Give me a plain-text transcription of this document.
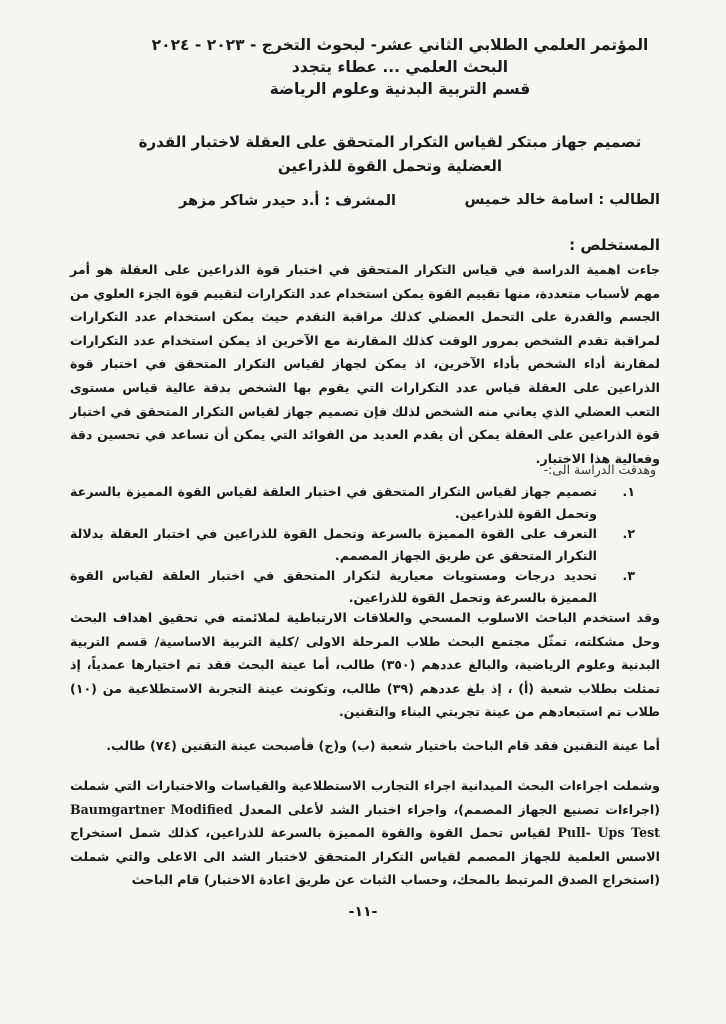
المؤتمر العلمي الطلابي الثاني عشر- لبحوث التخرج - ٢٠٢٣ - ٢٠٢٤
البحث العلمي ... عطاء يتجدد
قسم التربية البدنية وعلوم الرياضة
تصميم جهاز مبتكر لقياس التكرار المتحقق على العقلة لاختبار القدرة العضلية وتحمل القوة للذراعين
الطالب : اسامة خالد خميس
المشرف : أ.د حيدر شاكر مزهر
المستخلص :
جاءت اهمية الدراسة في قياس التكرار المتحقق في اختبار قوة الذراعين على العقلة هو أمر مهم لأسباب متعددة، منها تقييم القوة يمكن استخدام عدد التكرارات لتقييم قوة الجزء العلوي من الجسم والقدرة على التحمل العضلي كذلك مراقبة التقدم حيث يمكن استخدام عدد التكرارات لمراقبة تقدم الشخص بمرور الوقت كذلك المقارنة مع الآخرين اذ يمكن استخدام عدد التكرارات لمقارنة أداء الشخص بأداء الآخرين، اذ يمكن لجهاز لقياس التكرار المتحقق في اختبار قوة الذراعين على العقلة قياس عدد التكرارات التي يقوم بها الشخص بدقة عالية قياس مستوى التعب العضلي الذي يعاني منه الشخص لذلك فإن تصميم جهاز لقياس التكرار المتحقق في اختبار قوة الذراعين على العقلة يمكن أن يقدم العديد من الفوائد التي يمكن أن تساعد في تحسين دقة وفعالية هذا الاختبار.
وهدفت الدراسة الى:-
١.
تصميم جهاز لقياس التكرار المتحقق في اختبار العلقة لقياس القوة المميزة بالسرعة وتحمل القوة للذراعين.
٢.
التعرف على القوة المميزة بالسرعة وتحمل القوة للذراعين في اختبار العقلة بدلالة التكرار المتحقق عن طريق الجهاز المصمم.
٣.
تحديد درجات ومستويات معيارية لتكرار المتحقق في اختبار العلقة لقياس القوة المميزة بالسرعة وتحمل القوة للذراعين.
وقد استخدم الباحث الاسلوب المسحي والعلاقات الارتباطية لملائمته في تحقيق اهداف البحث وحل مشكلته، تمثّل مجتمع البحث طلاب المرحلة الاولى /كلية التربية الاساسية/ قسم التربية البدنية وعلوم الرياضية، والبالغ عددهم (٣٥٠) طالب، أما عينة البحث فقد تم اختيارها عمدياً، إذ تمثلت بطلاب شعبة (أ) ، إذ بلغ عددهم (٣٩) طالب، وتكونت عينة التجربة الاستطلاعية من (١٠) طلاب تم استبعادهم من عينة تجربتي البناء والتقنين.
أما عينة التقنين فقد قام الباحث باختيار شعبة (ب) و(ج) فأصبحت عينة التقنين (٧٤) طالب.
وشملت اجراءات البحث الميدانية اجراء التجارب الاستطلاعية والقياسات والاختبارات التي شملت (اجراءات تصنيع الجهاز المصمم)، واجراء اختبار الشد لأعلى المعدل Baumgartner Modified Pull- Ups Test لقياس تحمل القوة والقوة المميزة بالسرعة للذراعين، كذلك شمل استخراج الاسس العلمية للجهاز المصمم لقياس التكرار المتحقق لاختبار الشد الى الاعلى والتي شملت (استخراج الصدق المرتبط بالمحك، وحساب الثبات عن طريق اعادة الاختبار) قام الباحث
-١١-
